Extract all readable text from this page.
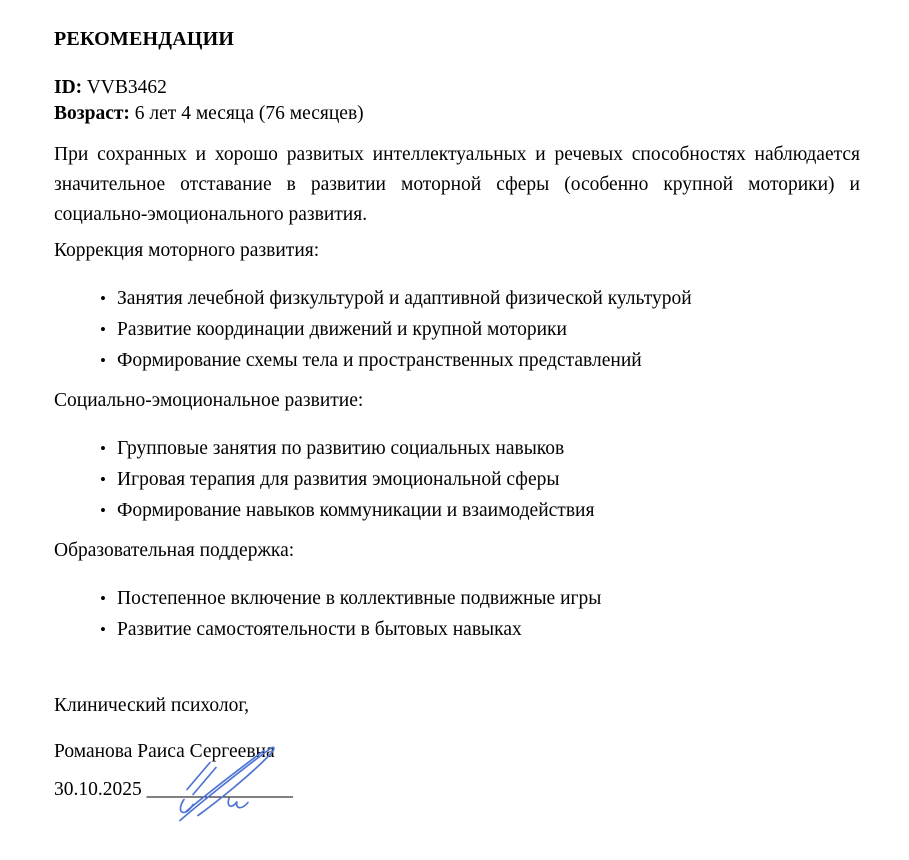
РЕКОМЕНДАЦИИ

ID: VVB3462

Возраст: 6 лет 4 месяца (76 месяцев)

При сохранных и хорошо развитых интеллектуальных и речевых способностях наблюдается значительное отставание в развитии моторной сферы (особенно крупной моторики) и социально-эмоционального развития.

Коррекция моторного развития:

• Занятия лечебной физкультурой и адаптивной физической культурой
• Развитие координации движений и крупной моторики
• Формирование схемы тела и пространственных представлений

Социально-эмоциональное развитие:

• Групповые занятия по развитию социальных навыков
• Игровая терапия для развития эмоциональной сферы
• Формирование навыков коммуникации и взаимодействия

Образовательная поддержка:

• Постепенное включение в коллективные подвижные игры
• Развитие самостоятельности в бытовых навыках

Клинический психолог,

Романова Раиса Сергеевна

30.10.2025 _______________
